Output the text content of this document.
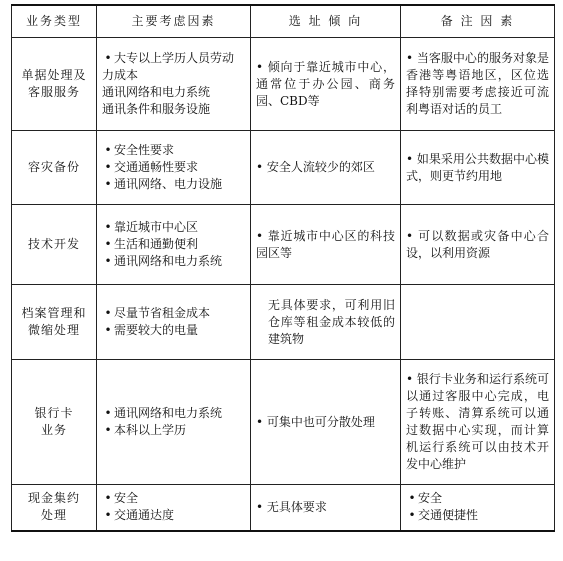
业务类型	主要考虑因素	选 址 倾 向	备 注 因 素

单据处理及
客服服务	• 大专以上学历人员劳动力成本
通讯网络和电力系统
通讯条件和服务设施	• 倾向于靠近城市中心，通常位于办公园、商务园、CBD等	• 当客服中心的服务对象是香港等粤语地区，区位选择特别需要考虑接近可流利粤语对话的员工

容灾备份	• 安全性要求
• 交通通畅性要求
• 通讯网络、电力设施	• 安全人流较少的郊区	• 如果采用公共数据中心模式，则更节约用地

技术开发	• 靠近城市中心区
• 生活和通勤便利
• 通讯网络和电力系统	• 靠近城市中心区的科技园区等	• 可以数据或灾备中心合设，以利用资源

档案管理和
微缩处理	• 尽量节省租金成本
• 需要较大的电量	无具体要求，可利用旧仓库等租金成本较低的建筑物	

银行卡
业务	• 通讯网络和电力系统
• 本科以上学历	• 可集中也可分散处理	• 银行卡业务和运行系统可以通过客服中心完成，电子转账、清算系统可以通过数据中心实现，而计算机运行系统可以由技术开发中心维护

现金集约
处理	• 安全
• 交通通达度	• 无具体要求	• 安全
• 交通便捷性
